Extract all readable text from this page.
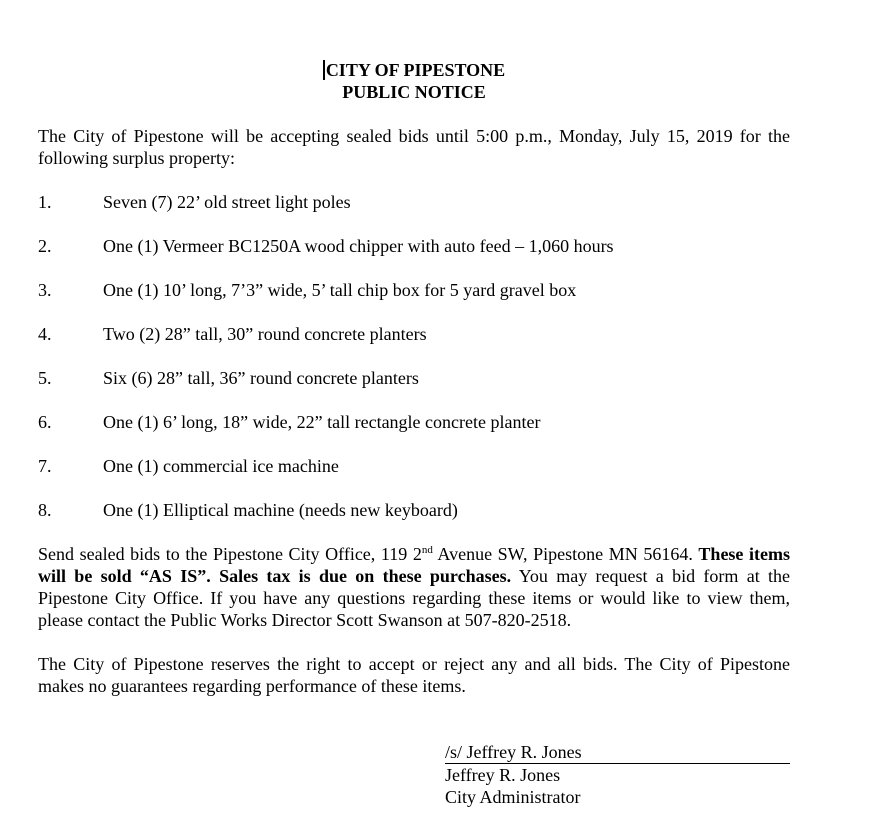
CITY OF PIPESTONE
PUBLIC NOTICE

The City of Pipestone will be accepting sealed bids until 5:00 p.m., Monday, July 15, 2019 for the following surplus property:

1.	Seven (7) 22’ old street light poles
2.	One (1) Vermeer BC1250A wood chipper with auto feed – 1,060 hours
3.	One (1) 10’ long, 7’3” wide, 5’ tall chip box for 5 yard gravel box
4.	Two (2) 28” tall, 30” round concrete planters
5.	Six (6) 28” tall, 36” round concrete planters
6.	One (1) 6’ long, 18” wide, 22” tall rectangle concrete planter
7.	One (1) commercial ice machine
8.	One (1) Elliptical machine (needs new keyboard)

Send sealed bids to the Pipestone City Office, 119 2nd Avenue SW, Pipestone MN 56164. These items will be sold “AS IS”. Sales tax is due on these purchases. You may request a bid form at the Pipestone City Office. If you have any questions regarding these items or would like to view them, please contact the Public Works Director Scott Swanson at 507-820-2518.

The City of Pipestone reserves the right to accept or reject any and all bids. The City of Pipestone makes no guarantees regarding performance of these items.

/s/ Jeffrey R. Jones
Jeffrey R. Jones
City Administrator
